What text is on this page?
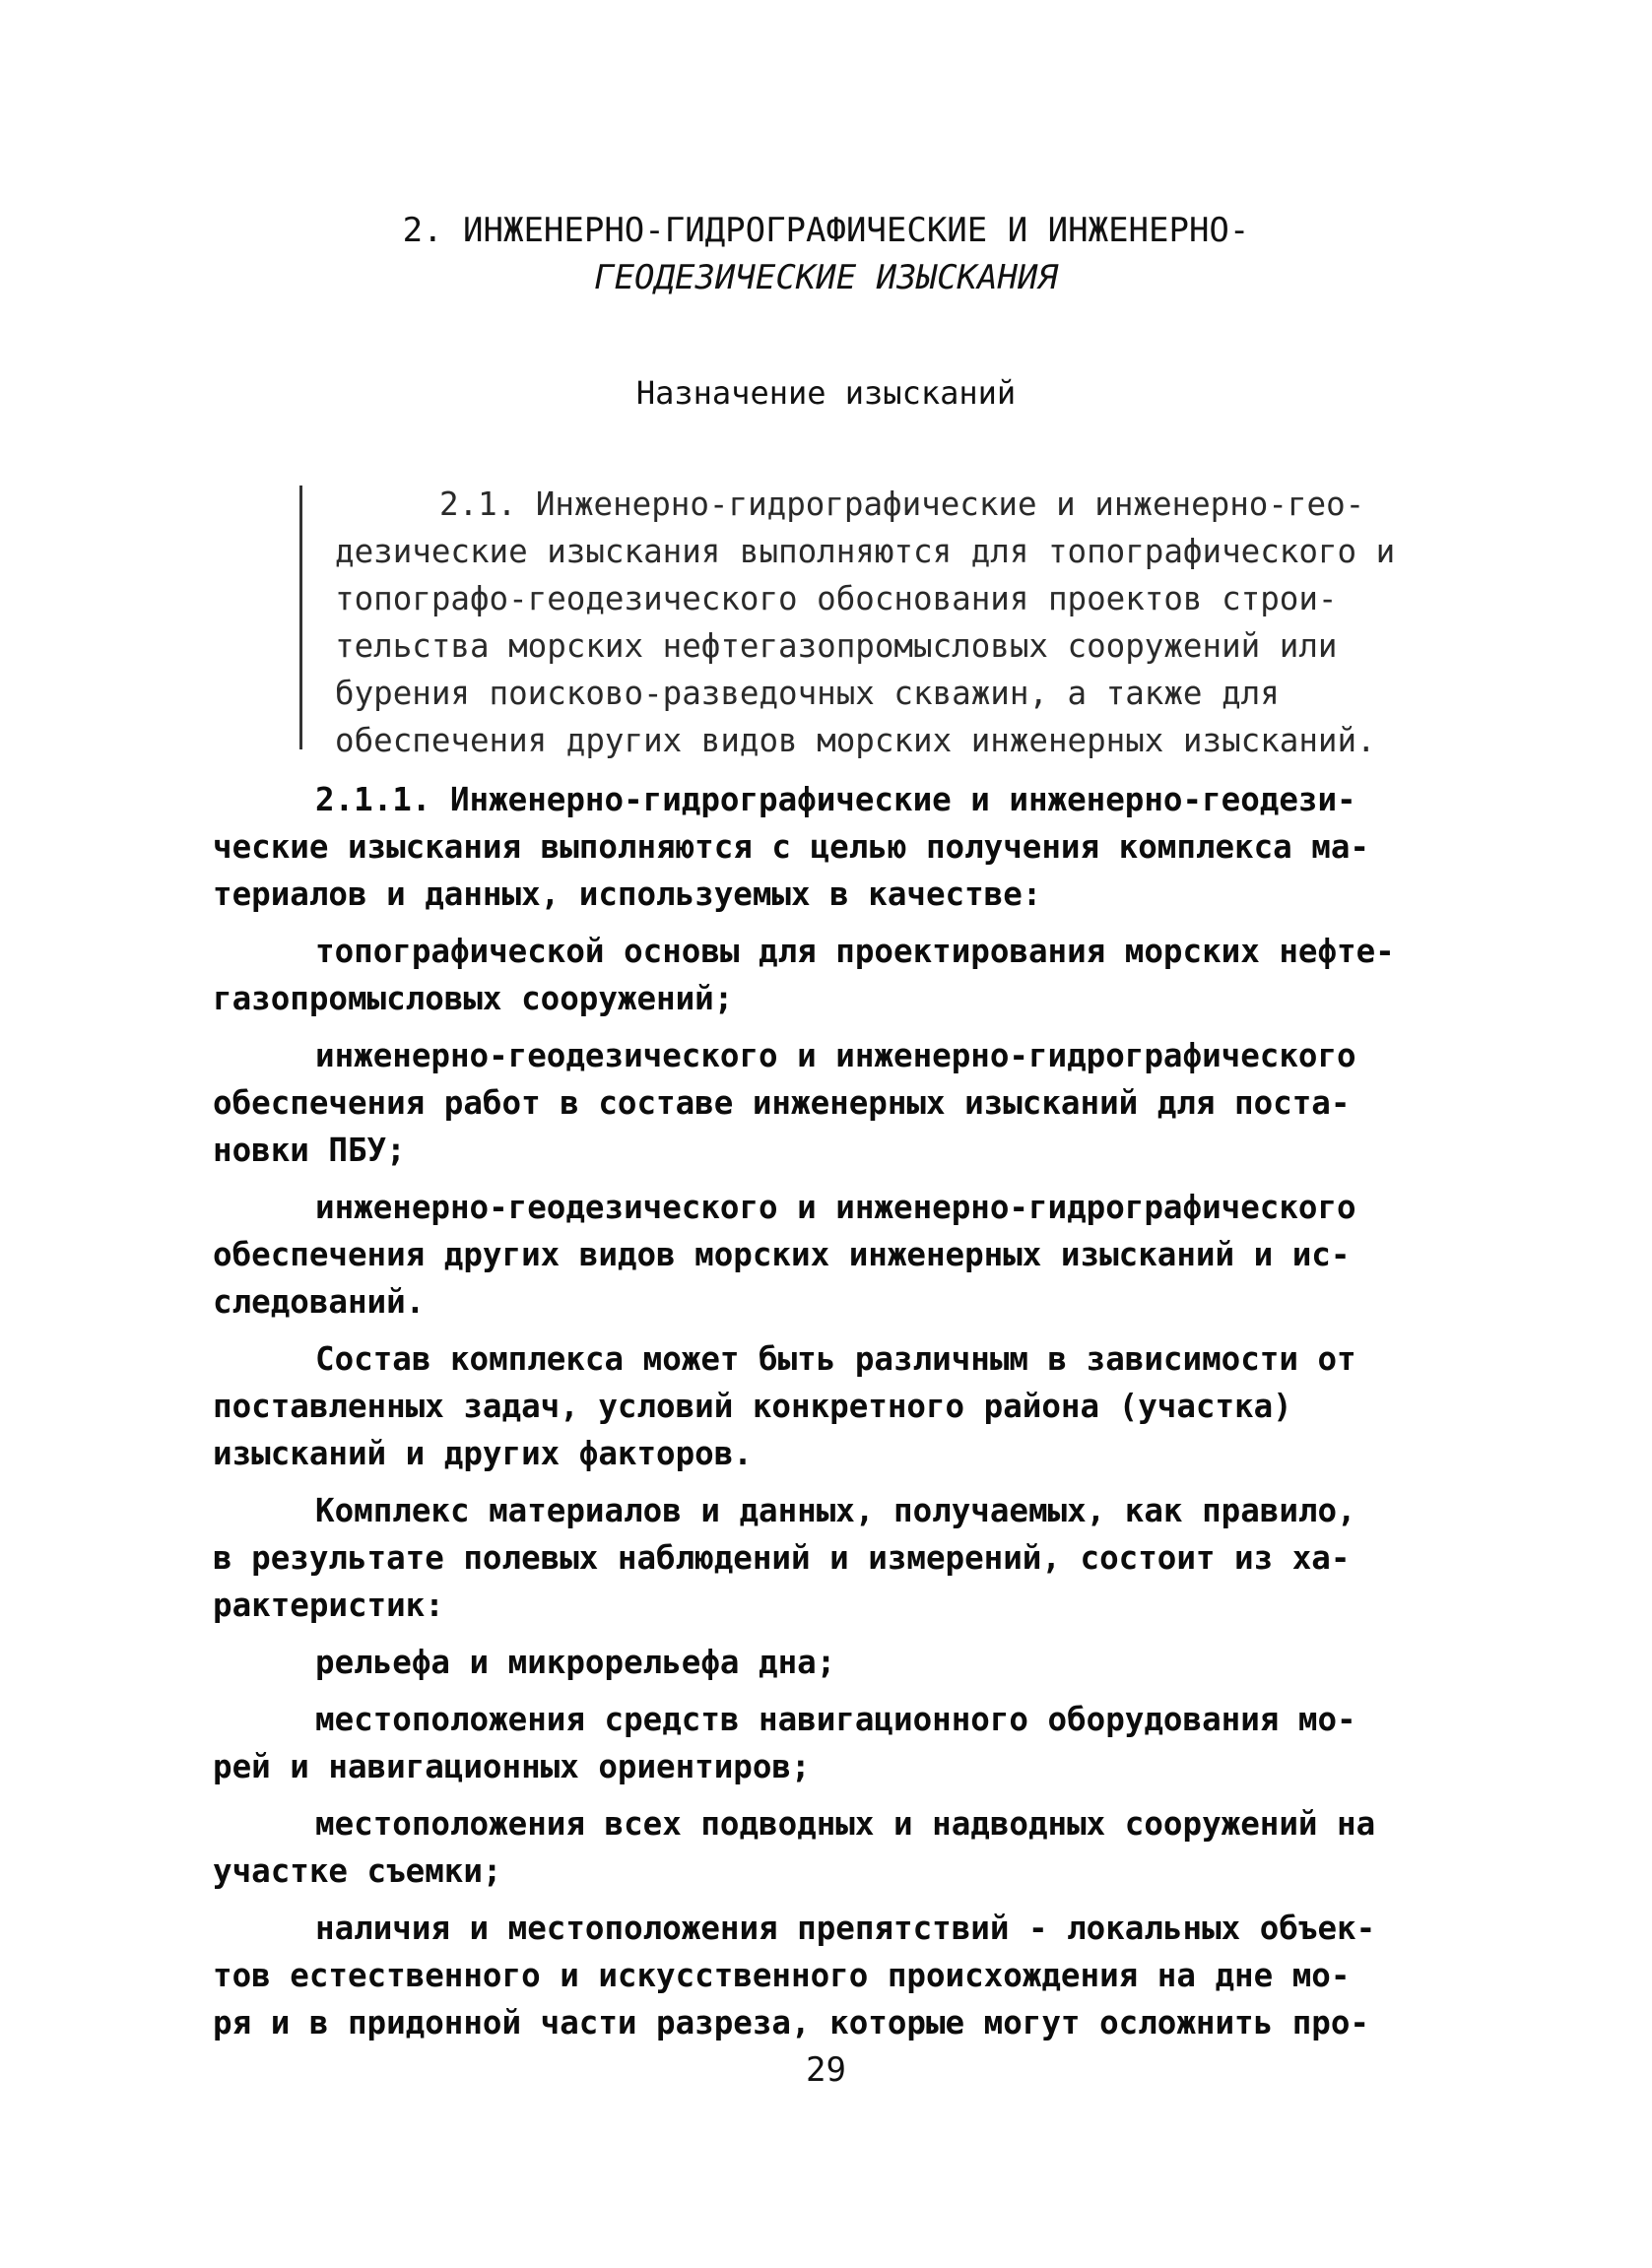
2. ИНЖЕНЕРНО-ГИДРОГРАФИЧЕСКИЕ И ИНЖЕНЕРНО-
ГЕОДЕЗИЧЕСКИЕ ИЗЫСКАНИЯ
Назначение изысканий
2.1. Инженерно-гидрографические и инженерно-гео-
дезические изыскания выполняются для топографического и
топографо-геодезического обоснования проектов строи-
тельства морских нефтегазопромысловых сооружений или
бурения поисково-разведочных скважин, а также для
обеспечения других видов морских инженерных изысканий.
2.1.1. Инженерно-гидрографические и инженерно-геодези-
ческие изыскания выполняются с целью получения комплекса ма-
териалов и данных, используемых в качестве:
топографической основы для проектирования морских нефте-
газопромысловых сооружений;
инженерно-геодезического и инженерно-гидрографического
обеспечения работ в составе инженерных изысканий для поста-
новки ПБУ;
инженерно-геодезического и инженерно-гидрографического
обеспечения других видов морских инженерных изысканий и ис-
следований.
Состав комплекса может быть различным в зависимости от
поставленных задач, условий конкретного района (участка)
изысканий и других факторов.
Комплекс материалов и данных, получаемых, как правило,
в результате полевых наблюдений и измерений, состоит из ха-
рактеристик:
рельефа и микрорельефа дна;
местоположения средств навигационного оборудования мо-
рей и навигационных ориентиров;
местоположения всех подводных и надводных сооружений на
участке съемки;
наличия и местоположения препятствий - локальных объек-
тов естественного и искусственного происхождения на дне мо-
ря и в придонной части разреза, которые могут осложнить про-
29
